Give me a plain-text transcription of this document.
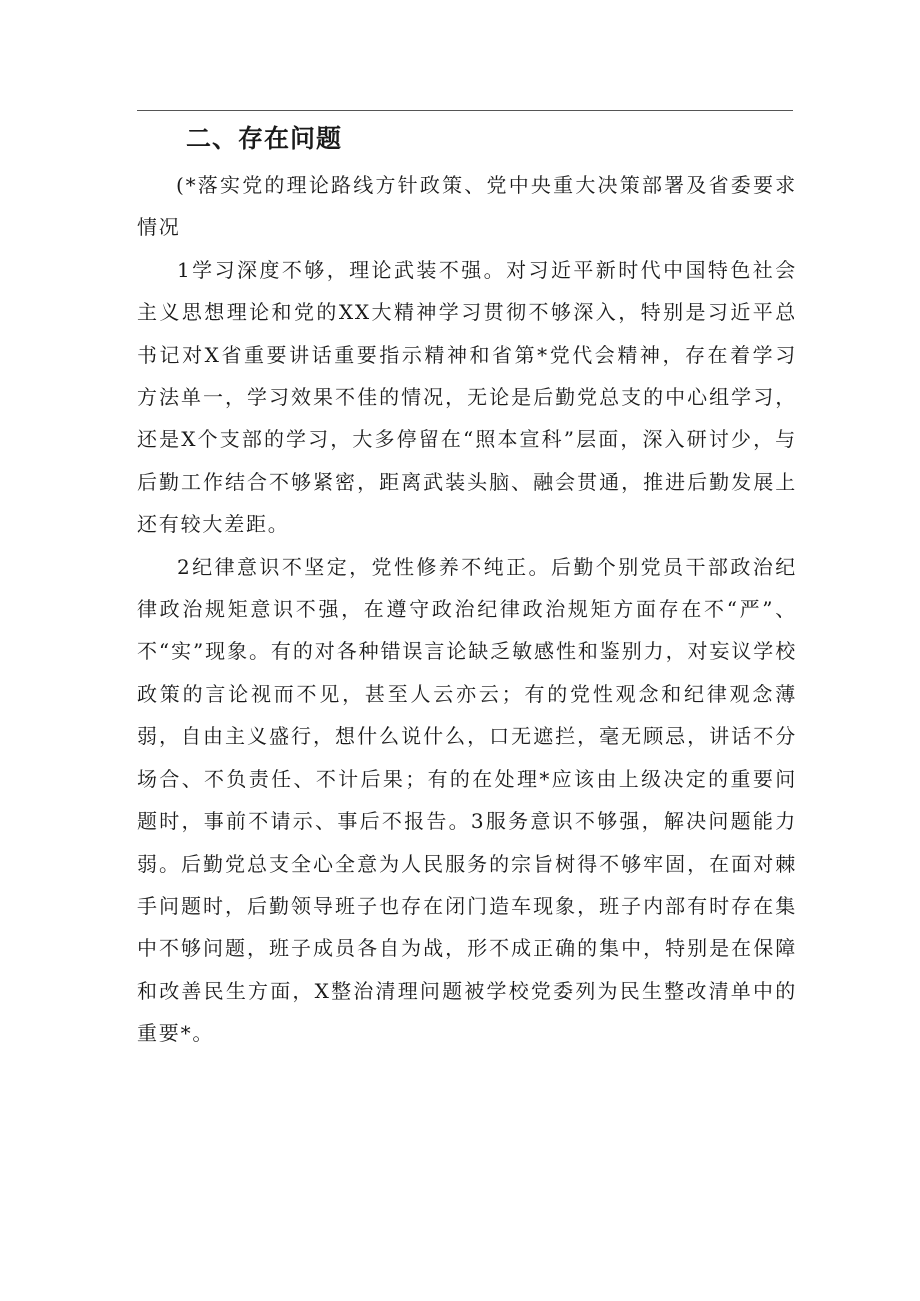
二、存在问题

(*落实党的理论路线方针政策、党中央重大决策部署及省委要求情况

1学习深度不够，理论武装不强。对习近平新时代中国特色社会主义思想理论和党的XX大精神学习贯彻不够深入，特别是习近平总书记对X省重要讲话重要指示精神和省第*党代会精神，存在着学习方法单一，学习效果不佳的情况，无论是后勤党总支的中心组学习，还是X个支部的学习，大多停留在“照本宣科”层面，深入研讨少，与后勤工作结合不够紧密，距离武装头脑、融会贯通，推进后勤发展上还有较大差距。

2纪律意识不坚定，党性修养不纯正。后勤个别党员干部政治纪律政治规矩意识不强，在遵守政治纪律政治规矩方面存在不“严”、不“实”现象。有的对各种错误言论缺乏敏感性和鉴别力，对妄议学校政策的言论视而不见，甚至人云亦云；有的党性观念和纪律观念薄弱，自由主义盛行，想什么说什么，口无遮拦，毫无顾忌，讲话不分场合、不负责任、不计后果；有的在处理*应该由上级决定的重要问题时，事前不请示、事后不报告。3服务意识不够强，解决问题能力弱。后勤党总支全心全意为人民服务的宗旨树得不够牢固，在面对棘手问题时，后勤领导班子也存在闭门造车现象，班子内部有时存在集中不够问题，班子成员各自为战，形不成正确的集中，特别是在保障和改善民生方面，X整治清理问题被学校党委列为民生整改清单中的重要*。
